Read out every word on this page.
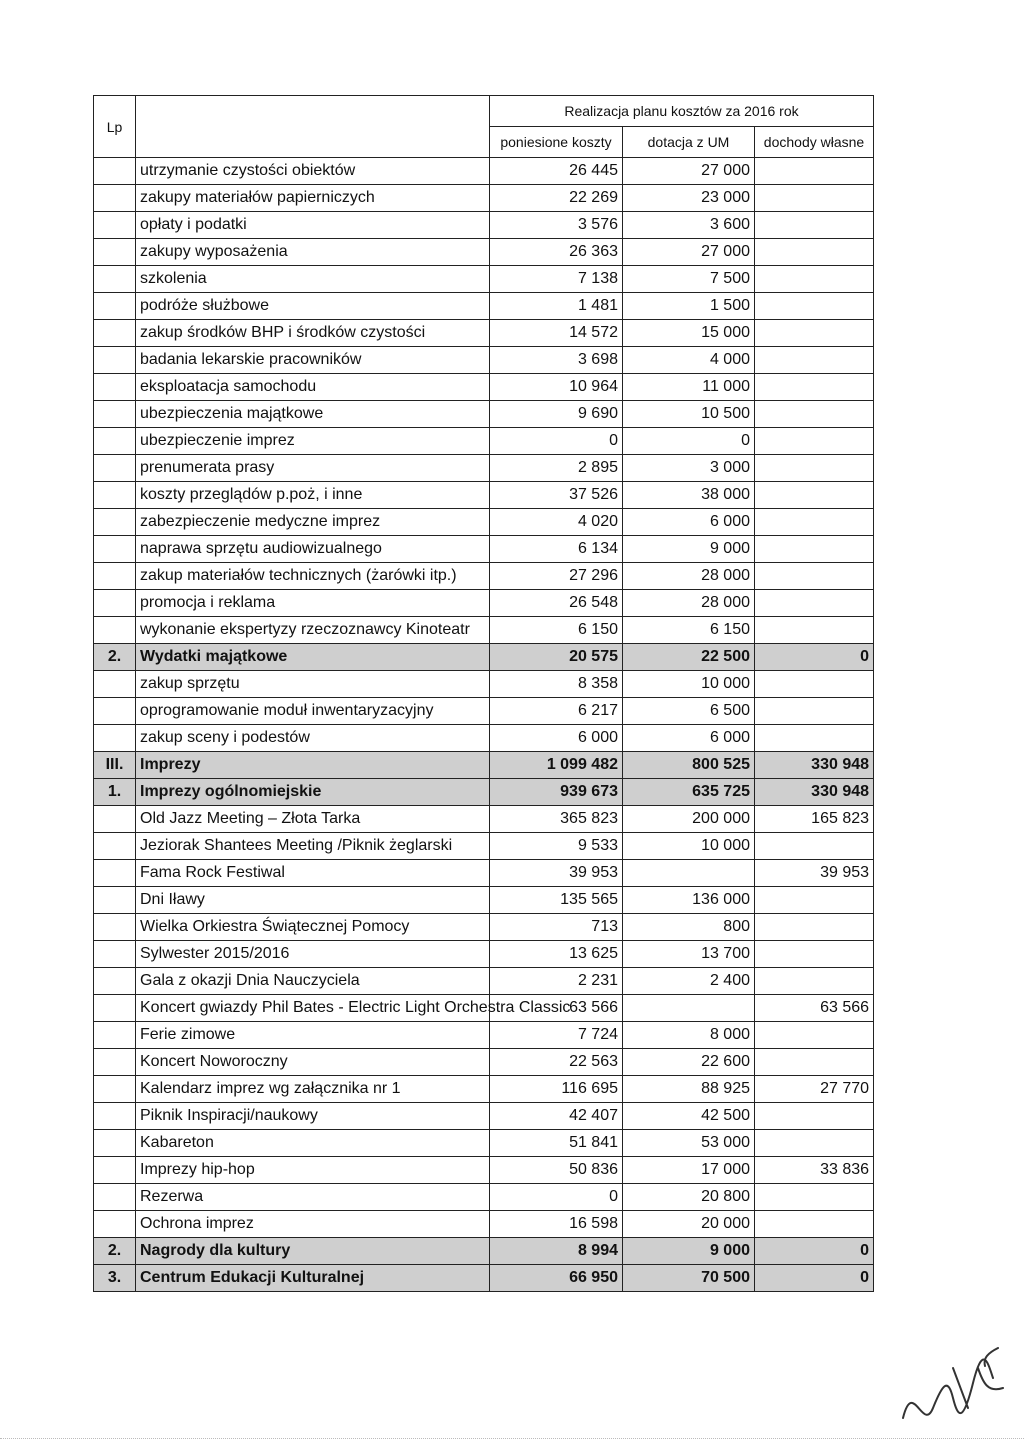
Lp		Realizacja planu kosztów za 2016 rok		
		poniesione koszty	dotacja z UM	dochody własne
	utrzymanie czystości obiektów	26 445	27 000	
	zakupy materiałów papierniczych	22 269	23 000	
	opłaty i podatki	3 576	3 600	
	zakupy wyposażenia	26 363	27 000	
	szkolenia	7 138	7 500	
	podróże służbowe	1 481	1 500	
	zakup środków BHP i środków czystości	14 572	15 000	
	badania lekarskie pracowników	3 698	4 000	
	eksploatacja samochodu	10 964	11 000	
	ubezpieczenia majątkowe	9 690	10 500	
	ubezpieczenie imprez	0	0	
	prenumerata prasy	2 895	3 000	
	koszty przeglądów p.poż, i inne	37 526	38 000	
	zabezpieczenie medyczne imprez	4 020	6 000	
	naprawa sprzętu audiowizualnego	6 134	9 000	
	zakup materiałów technicznych (żarówki itp.)	27 296	28 000	
	promocja i reklama	26 548	28 000	
	wykonanie ekspertyzy rzeczoznawcy Kinoteatr	6 150	6 150	
2.	Wydatki majątkowe	20 575	22 500	0
	zakup sprzętu	8 358	10 000	
	oprogramowanie moduł inwentaryzacyjny	6 217	6 500	
	zakup sceny i podestów	6 000	6 000	
III.	Imprezy	1 099 482	800 525	330 948
1.	Imprezy ogólnomiejskie	939 673	635 725	330 948
	Old Jazz Meeting – Złota Tarka	365 823	200 000	165 823
	Jeziorak Shantees Meeting /Piknik żeglarski	9 533	10 000	
	Fama Rock Festiwal	39 953		39 953
	Dni Iławy	135 565	136 000	
	Wielka Orkiestra Świątecznej Pomocy	713	800	
	Sylwester 2015/2016	13 625	13 700	
	Gala z okazji Dnia Nauczyciela	2 231	2 400	
	Koncert gwiazdy Phil Bates - Electric Light Orchestra Classic	63 566		63 566
	Ferie zimowe	7 724	8 000	
	Koncert Noworoczny	22 563	22 600	
	Kalendarz imprez wg załącznika nr 1	116 695	88 925	27 770
	Piknik Inspiracji/naukowy	42 407	42 500	
	Kabareton	51 841	53 000	
	Imprezy hip-hop	50 836	17 000	33 836
	Rezerwa	0	20 800	
	Ochrona imprez	16 598	20 000	
2.	Nagrody dla kultury	8 994	9 000	0
3.	Centrum Edukacji Kulturalnej	66 950	70 500	0
